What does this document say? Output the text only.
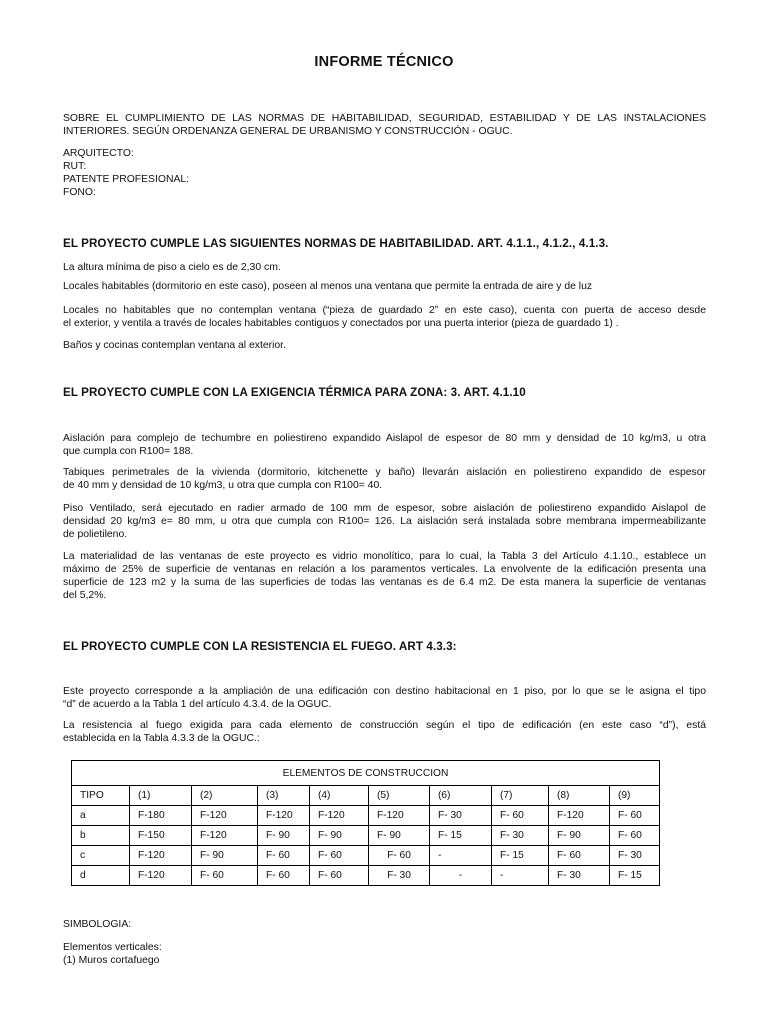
INFORME TÉCNICO
SOBRE EL CUMPLIMIENTO DE LAS NORMAS DE HABITABILIDAD, SEGURIDAD, ESTABILIDAD Y DE LAS INSTALACIONES
INTERIORES. SEGÚN ORDENANZA GENERAL DE URBANISMO Y CONSTRUCCIÓN - OGUC.
ARQUITECTO:
RUT:
PATENTE PROFESIONAL:
FONO:
EL PROYECTO CUMPLE LAS SIGUIENTES NORMAS DE HABITABILIDAD. ART. 4.1.1., 4.1.2., 4.1.3.
La altura mínima de piso a cielo es de 2,30 cm.
Locales habitables (dormitorio en este caso), poseen al menos una ventana que permite la entrada de aire y de luz
Locales no habitables que no contemplan ventana (“pieza de guardado 2” en este caso), cuenta con puerta de acceso desde
el exterior, y ventila a través de locales habitables contiguos y conectados por una puerta interior (pieza de guardado 1) .
Baños y cocinas contemplan ventana al exterior.
EL PROYECTO CUMPLE CON LA EXIGENCIA TÉRMICA PARA ZONA: 3. ART. 4.1.10
Aislación para complejo de techumbre en poliestireno expandido Aislapol de espesor de 80 mm y densidad de 10 kg/m3, u otra
que cumpla con R100= 188.
Tabiques perimetrales de la vivienda (dormitorio, kitchenette y baño) llevarán aislación en poliestireno expandido de espesor
de 40 mm y densidad de 10 kg/m3, u otra que cumpla con R100= 40.
Piso Ventilado, será ejecutado en radier armado de 100 mm de espesor, sobre aislación de poliestireno expandido Aislapol de
densidad 20 kg/m3 e= 80 mm, u otra que cumpla con R100= 126. La aislación será instalada sobre membrana impermeabilizante
de polietileno.
La materialidad de las ventanas de este proyecto es vidrio monolítico, para lo cual, la Tabla 3 del Artículo 4.1.10., establece un
máximo de 25% de superficie de ventanas en relación a los paramentos verticales. La envolvente de la edificación presenta una
superficie de 123 m2 y la suma de las superficies de todas las ventanas es de 6.4 m2. De esta manera la superficie de ventanas
del 5,2%.
EL PROYECTO CUMPLE CON LA RESISTENCIA EL FUEGO. ART 4.3.3:
Este proyecto corresponde a la ampliación de una edificación con destino habitacional en 1 piso, por lo que se le asigna el tipo
“d” de acuerdo a la Tabla 1 del artículo 4.3.4. de la OGUC.
La resistencia al fuego exigida para cada elemento de construcción según el tipo de edificación (en este caso “d”), está
establecida en la Tabla 4.3.3 de la OGUC.:
ELEMENTOS DE CONSTRUCCION									
TIPO	(1)	(2)	(3)	(4)	(5)	(6)	(7)	(8)	(9)
a	F-180	F-120	F-120	F-120	F-120	F- 30	F- 60	F-120	F- 60
b	F-150	F-120	F- 90	F- 90	F- 90	F- 15	F- 30	F- 90	F- 60
c	F-120	F- 90	F- 60	F- 60	F- 60	-	F- 15	F- 60	F- 30
d	F-120	F- 60	F- 60	F- 60	F- 30	-	-	F- 30	F- 15
SIMBOLOGIA:
Elementos verticales:
(1) Muros cortafuego
